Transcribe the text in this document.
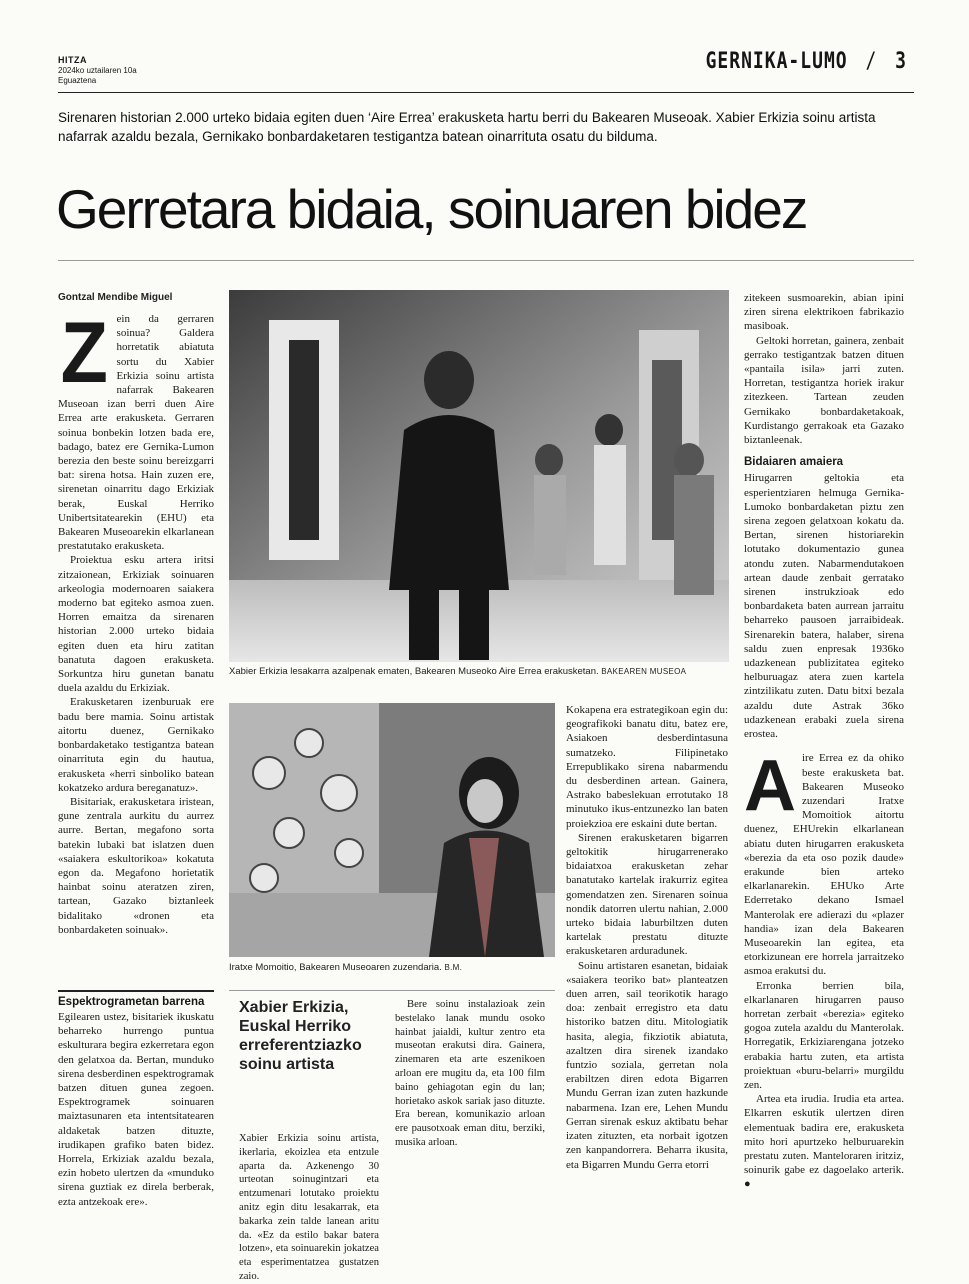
HITZA
2024ko uztailaren 10a
Eguaztena
GERNIKA-LUMO / 3
Sirenaren historian 2.000 urteko bidaia egiten duen ‘Aire Errea’ erakusketa hartu berri du Bakearen Museoak. Xabier Erkizia soinu artista nafarrak azaldu bezala, Gernikako bonbardaketaren testigantza batean oinarrituta osatu du bilduma.
Gerretara bidaia, soinuaren bidez
Gontzal Mendibe Miguel

Zein da gerraren soinua? Galdera horretatik abiatuta sortu du Xabier Erkizia soinu artista nafarrak Bakearen Museoan izan berri duen Aire Errea arte erakusketa. Gerraren soinua bonbekin lotzen bada ere, badago, batez ere Gernika-Lumon berezia den beste soinu bereizgarri bat: sirena hotsa. Hain zuzen ere, sirenetan oinarritu dago Erkiziak berak, Euskal Herriko Unibertsitatearekin (EHU) eta Bakearen Museoarekin elkarlanean prestatutako erakusketa.

Proiektua esku artera iritsi zitzaionean, Erkiziak soinuaren arkeologia modernoaren saiakera moderno bat egiteko asmoa zuen. Horren emaitza da sirenaren historian 2.000 urteko bidaia egiten duen eta hiru zatitan banatuta dagoen erakusketa. Sorkuntza hiru gunetan banatu duela azaldu du Erkiziak.

Erakusketaren izenburuak ere badu bere mamia. Soinu artistak aitortu duenez, Gernikako bonbardaketako testigantza batean oinarrituta egin du hautua, erakusketa «herri sinboliko batean kokatzeko ardura bereganatuz».

Bisitariak, erakusketara iristean, gune zentrala aurkitu du aurrez aurre. Bertan, megafono sorta batekin lubaki bat islatzen duen «saiakera eskultorikoa» kokatuta egon da. Megafono horietatik hainbat soinu ateratzen ziren, tartean, Gazako biztanleek bidalitako «dronen eta bonbardaketen soinuak».

Espektrogrametan barrena

Egilearen ustez, bisitariek ikuskatu beharreko hurrengo puntua eskulturara begira ezkerretara egon den gelatxoa da. Bertan, munduko sirena desberdinen espektrogramak batzen dituen gunea zegoen. Espektrogramek soinuaren maiztasunaren eta intentsitatearen aldaketak batzen dituzte, irudikapen grafiko baten bidez. Horrela, Erkiziak azaldu bezala, ezin hobeto ulertzen da «munduko sirena guztiak ez direla berberak, ezta antzekoak ere».

Xabier Erkizia lesakarra azalpenak ematen, Bakearen Museoko Aire Errea erakusketan. BAKEAREN MUSEOA
Iratxe Momoitio, Bakearen Museoaren zuzendaria. B.M.
Xabier Erkizia, Euskal Herriko erreferentziazko soinu artista

Xabier Erkizia soinu artista, ikerlaria, ekoizlea eta entzule aparta da. Azkenengo 30 urteotan soinugintzari eta entzumenari lotutako proiektu anitz egin ditu lesakarrak, eta bakarka zein talde lanean aritu da. «Ez da estilo bakar batera lotzen», eta soinuarekin jokatzea eta esperimentatzea gustatzen zaio.

Bere soinu instalazioak zein bestelako lanak mundu osoko hainbat jaialdi, kultur zentro eta museotan erakutsi dira. Gainera, zinemaren eta arte eszenikoen arloan ere mugitu da, eta 100 film baino gehiagotan egin du lan; horietako askok sariak jaso dituzte. Era berean, komunikazio arloan ere pausotxoak eman ditu, berziki, musika arloan.

Kokapena era estrategikoan egin du: geografikoki banatu ditu, batez ere, Asiakoen desberdintasuna sumatzeko. Filipinetako Errepublikako sirena nabarmendu du desberdinen artean. Gainera, Astrako babeslekuan errotutako 18 minutuko ikus-entzunezko lan baten proiekzioa ere eskaini dute bertan.

Sirenen erakusketaren bigarren geltokitik hirugarrenerako bidaiatxoa erakusketan zehar banatutako kartelak irakurriz egitea gomendatzen zen. Sirenaren soinua nondik datorren ulertu nahian, 2.000 urteko bidaia laburbiltzen duten kartelak prestatu dituzte erakusketaren arduradunek.

Soinu artistaren esanetan, bidaiak «saiakera teoriko bat» planteatzen duen arren, sail teorikotik harago doa: zenbait erregistro eta datu historiko batzen ditu. Mitologiatik hasita, alegia, fikziotik abiatuta, azaltzen dira sirenek izandako funtzio soziala, gerretan nola erabiltzen diren edota Bigarren Mundu Gerran izan zuten hazkunde nabarmena. Izan ere, Lehen Mundu Gerran sirenak eskuz aktibatu behar izaten zituzten, eta norbait igotzen zen kanpandorrera. Beharra ikusita, eta Bigarren Mundu Gerra etorri

zitekeen susmoarekin, abian ipini ziren sirena elektrikoen fabrikazio masiboak.

Geltoki horretan, gainera, zenbait gerrako testigantzak batzen dituen «pantaila isila» jarri zuten. Horretan, testigantza horiek irakur zitezkeen. Tartean zeuden Gernikako bonbardaketakoak, Kurdistango gerrakoak eta Gazako biztanleenak.

Bidaiaren amaiera

Hirugarren geltokia eta esperientziaren helmuga Gernika-Lumoko bonbardaketan piztu zen sirena zegoen gelatxoan kokatu da. Bertan, sirenen historiarekin lotutako dokumentazio gunea atondu zuten. Nabarmendutakoen artean daude zenbait gerratako sirenen instrukzioak edo bonbardaketa baten aurrean jarraitu beharreko pausoen jarraibideak. Sirenarekin batera, halaber, sirena saldu zuen enpresak 1936ko udazkenean publizitatea egiteko helburuagaz atera zuen kartela zintzilikatu zuten. Datu bitxi bezala azaldu dute Astrak 36ko udazkenean erabaki zuela sirena erostea.

Aire Errea ez da ohiko beste erakusketa bat. Bakearen Museoko zuzendari Iratxe Momoitiok aitortu duenez, EHUrekin elkarlanean abiatu duten hirugarren erakusketa «berezia da eta oso pozik daude» erakunde bien arteko elkarlanarekin. EHUko Arte Ederretako dekano Ismael Manterolak ere adierazi du «plazer handia» izan dela Bakearen Museoarekin lan egitea, eta etorkizunean ere horrela jarraitzeko asmoa erakutsi du.

Erronka berrien bila, elkarlanaren hirugarren pauso horretan zerbait «berezia» egiteko gogoa zutela azaldu du Manterolak. Horregatik, Erkiziarengana jotzeko erabakia hartu zuten, eta artista proiektuan «buru-belarri» murgildu zen.

Artea eta irudia. Irudia eta artea. Elkarren eskutik ulertzen diren elementuak badira ere, erakusketa mito hori apurtzeko helburuarekin prestatu zuten. Manteloraren iritziz, soinurik gabe ez dagoelako arterik. ●
